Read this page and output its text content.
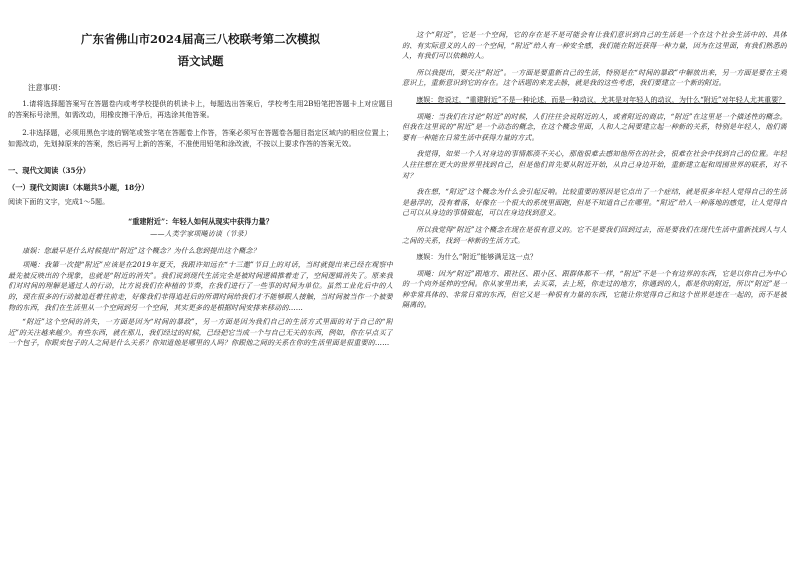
广东省佛山市2024届高三八校联考第二次模拟

语文试题

注意事项：

1.请将选择题答案写在答题卷内或考学校提供的机读卡上，每题选出答案后，学校考生用2B铅笔把答题卡上对应题目的答案标号涂黑，如需改动，用橡皮擦干净后，再选涂其他答案。

2.非选择题，必须用黑色字迹的钢笔或签字笔在答题卷上作答，答案必须写在答题卷各题目指定区域内的相应位置上；如需改动，先划掉原来的答案，然后再写上新的答案，不准使用铅笔和涂改液，不按以上要求作答的答案无效。

一、现代文阅读（35分）

（一）现代文阅读Ⅰ（本题共5小题，18分）

阅读下面的文字，完成1～5题。

“重建附近”：年轻人如何从现实中获得力量？

——人类学家项飚访谈（节录）

康娱：您最早是什么时候提出“附近”这个概念？为什么您到提出这个概念？

项飚：我第一次提“附近”应该是在2019年夏天，我跟许知远在“十三邀”节目上的对话，当时就提出来已经在观察中最先被反映出的个现象，也就是“附近的消失”。我们说到现代生活完全是被时间逻辑推着走了，空间逻辑消失了。原来我们对时间的理解是通过人的行动，比方说我们在种植的节奏，在我们进行了一些事的时间为单位。虽然工业化后中的人的，现在很多的行动被追赶着往前走，好像我们非得追赶后的所谓时间给我们才不能够跟人接触，当时间被当作一个被要物的东西，我们在生活里从一个空间到另一个空间，其实更多的是根据时间安排来移动的……

“附近”这个空间的消失，一方面是因为“时间的暴政”，另一方面是因为我们自己的生活方式里面的对于自己的“附近”的关注越来越少。有些东西，就在那儿，我们经过的时候，已经把它当成一个与自己无关的东西，例如，你在早点买了一个包子，你跟卖包子的人之间是什么关系？你知道他是哪里的人吗？你跟他之间的关系在你的生活里面是很重要的……

这个“附近”，它是一个空间，它的存在是不是可能会有让我们意识到自己的生活是一个在这个社会生活中的、具体的、有实际意义的人的一个空间，“附近”给人有一种安全感，我们能在附近获得一种力量，因为在这里面，有我们熟悉的人，有我们可以依赖的人。

所以我提出，要关注“附近”。一方面是要重新自己的生活，特别是在“时间的暴政”中解放出来，另一方面是要在主观意识上，重新意识到它的存在。这个话题的来龙去脉，就是我的这些考虑，我们要建立一个新的附近。

康娱：您说过，“重建附近”不是一种论述，而是一种动议，尤其是对年轻人的动议，为什么“附近”对年轻人尤其重要？

项飚：当我们在讨论“附近”的时候，人们往往会说附近的人，或者附近的商店，“附近”在这里是一个描述性的概念。但我在这里说的“附近”是一个动态的概念，在这个概念里面，人和人之间要建立起一种新的关系，特别是年轻人，他们需要有一种能在日常生活中获得力量的方式。

我觉得，如果一个人对身边的事情都漠不关心，那他很难去感知他所在的社会，很难在社会中找到自己的位置。年轻人往往想在更大的世界里找到自己，但是他们首先要从附近开始，从自己身边开始，重新建立起和周围世界的联系，对不对？

我在想，“附近”这个概念为什么会引起反响。比较重要的原因是它点出了一个症结，就是很多年轻人觉得自己的生活是悬浮的，没有着落，好像在一个很大的系统里面跑，但是不知道自己在哪里。“附近”给人一种落地的感觉，让人觉得自己可以从身边的事情做起，可以在身边找到意义。

所以我觉得“附近”这个概念在现在是很有意义的。它不是要我们回到过去，而是要我们在现代生活中重新找到人与人之间的关系，找到一种新的生活方式。

康娱：为什么“附近”能够满足这一点？

项飚：因为“附近”跟地方、跟社区、跟小区、跟群体都不一样，“附近”不是一个有边界的东西，它是以你自己为中心的一个向外延伸的空间。你从家里出来，去买菜，去上班，你走过的地方，你遇到的人，都是你的附近，所以“附近”是一种非常具体的、非常日常的东西，但它又是一种很有力量的东西，它能让你觉得自己和这个世界是连在一起的，而不是被隔离的。
